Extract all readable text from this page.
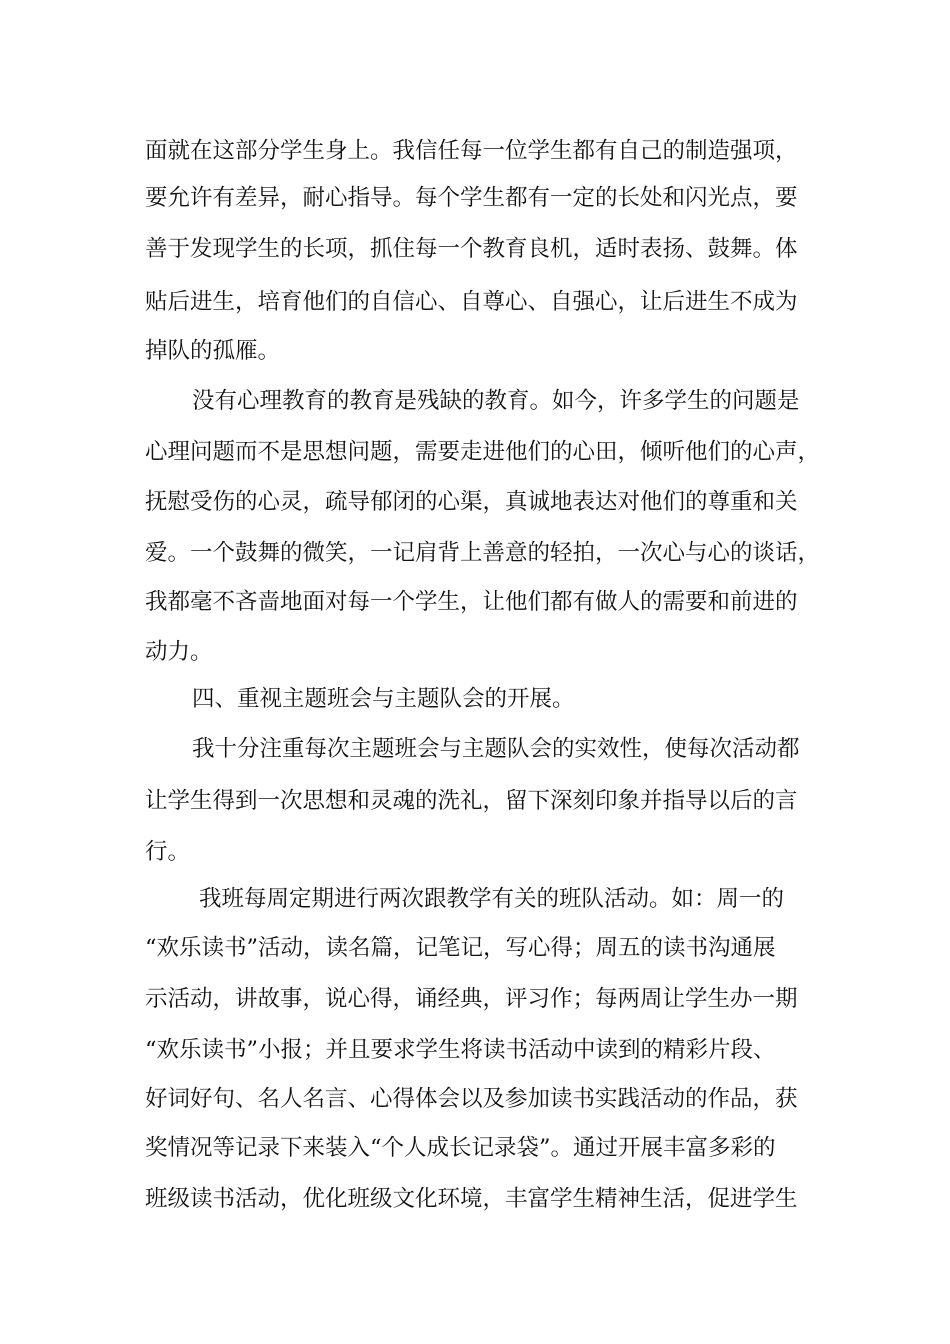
面就在这部分学生身上。我信任每一位学生都有自己的制造强项，
要允许有差异，耐心指导。每个学生都有一定的长处和闪光点，要
善于发现学生的长项，抓住每一个教育良机，适时表扬、鼓舞。体
贴后进生，培育他们的自信心、自尊心、自强心，让后进生不成为
掉队的孤雁。
没有心理教育的教育是残缺的教育。如今，许多学生的问题是
心理问题而不是思想问题，需要走进他们的心田，倾听他们的心声，
抚慰受伤的心灵，疏导郁闭的心渠，真诚地表达对他们的尊重和关
爱。一个鼓舞的微笑，一记肩背上善意的轻拍，一次心与心的谈话，
我都毫不吝啬地面对每一个学生，让他们都有做人的需要和前进的
动力。
四、重视主题班会与主题队会的开展。
我十分注重每次主题班会与主题队会的实效性，使每次活动都
让学生得到一次思想和灵魂的洗礼，留下深刻印象并指导以后的言
行。
我班每周定期进行两次跟教学有关的班队活动。如：周一的
“欢乐读书”活动，读名篇，记笔记，写心得；周五的读书沟通展
示活动，讲故事，说心得，诵经典，评习作；每两周让学生办一期
“欢乐读书”小报；并且要求学生将读书活动中读到的精彩片段、
好词好句、名人名言、心得体会以及参加读书实践活动的作品，获
奖情况等记录下来装入“个人成长记录袋”。通过开展丰富多彩的
班级读书活动，优化班级文化环境，丰富学生精神生活，促进学生
